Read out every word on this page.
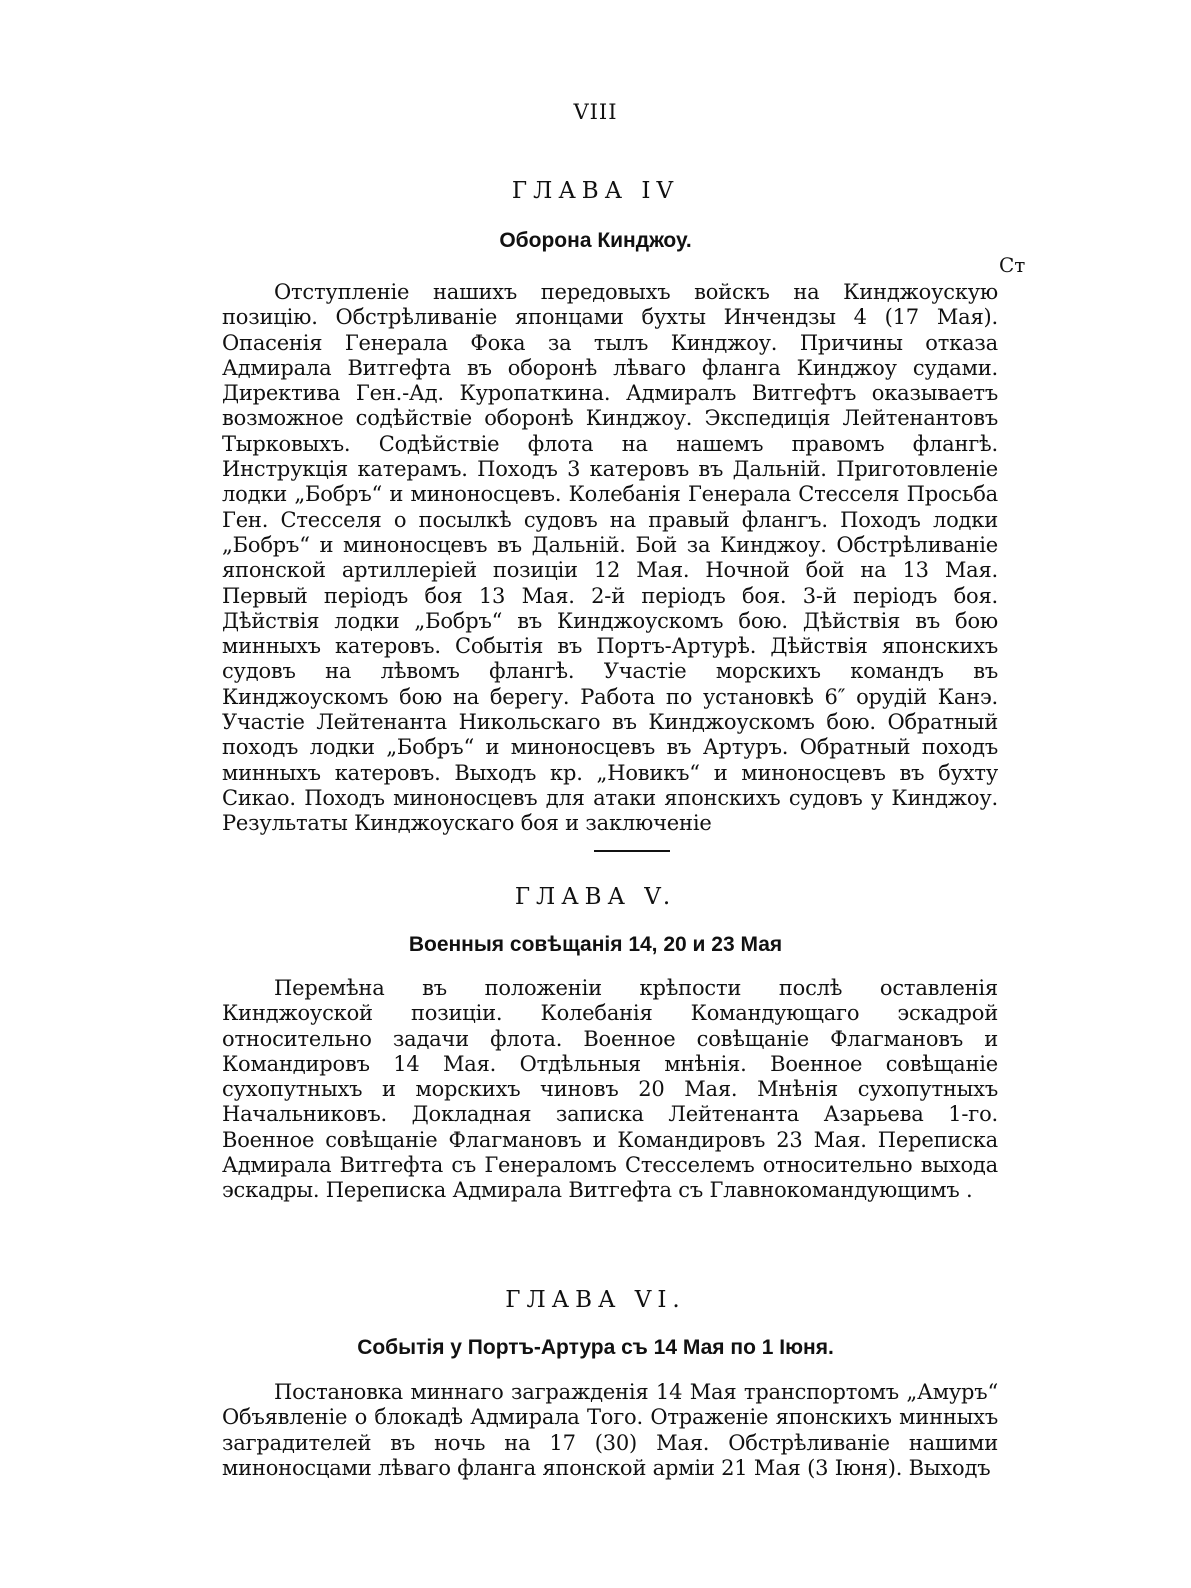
VIII
Ст
ГЛАВА IV
Оборона Кинджоу.
Отступленіе нашихъ передовыхъ войскъ на Кинджоускую позицію. Обстрѣливаніе японцами бухты Инчендзы 4 (17 Мая). Опасенія Генерала Фока за тылъ Кинджоу. Причины отказа Адмирала Витгефта въ оборонѣ лѣваго фланга Кинджоу судами. Директива Ген.-Ад. Куропаткина. Адмиралъ Витгефтъ оказываетъ возможное содѣйствіе оборонѣ Кинджоу. Экспедиція Лейтенантовъ Тырковыхъ. Содѣйствіе флота на нашемъ правомъ флангѣ. Инструкція катерамъ. Походъ 3 катеровъ въ Дальній. Приготовленіе лодки „Бобръ“ и миноносцевъ. Колебанія Генерала Стесселя Просьба Ген. Стесселя о посылкѣ судовъ на правый флангъ. Походъ лодки „Бобръ“ и миноносцевъ въ Дальній. Бой за Кинджоу. Обстрѣливаніе японской артиллеріей позиціи 12 Мая. Ночной бой на 13 Мая. Первый періодъ боя 13 Мая. 2-й періодъ боя. 3-й періодъ боя. Дѣйствія лодки „Бобръ“ въ Кинджоускомъ бою. Дѣйствія въ бою минныхъ катеровъ. Событія въ Портъ-Артурѣ. Дѣйствія японскихъ судовъ на лѣвомъ флангѣ. Участіе морскихъ командъ въ Кинджоускомъ бою на берегу. Работа по установкѣ 6″ орудій Канэ. Участіе Лейтенанта Никольскаго въ Кинджоускомъ бою. Обратный походъ лодки „Бобръ“ и миноносцевъ въ Артуръ. Обратный походъ минныхъ катеровъ. Выходъ кр. „Новикъ“ и миноносцевъ въ бухту Сикао. Походъ миноносцевъ для атаки японскихъ судовъ у Кинджоу. Результаты Кинджоускаго боя и заключеніе
ГЛАВА V.
Военныя совѣщанія 14, 20 и 23 Мая
Перемѣна въ положеніи крѣпости послѣ оставленія Кинджоуской позиціи. Колебанія Командующаго эскадрой относительно задачи флота. Военное совѣщаніе Флагмановъ и Командировъ 14 Мая. Отдѣльныя мнѣнія. Военное совѣщаніе сухопутныхъ и морскихъ чиновъ 20 Мая. Мнѣнія сухопутныхъ Начальниковъ. Докладная записка Лейтенанта Азарьева 1-го. Военное совѣщаніе Флагмановъ и Командировъ 23 Мая. Переписка Адмирала Витгефта съ Генераломъ Стесселемъ относительно выхода эскадры. Переписка Адмирала Витгефта съ Главнокомандующимъ .
ГЛАВА VI.
Событія у Портъ-Артура съ 14 Мая по 1 Іюня.
Постановка миннаго загражденія 14 Мая транспортомъ „Амуръ“ Объявленіе о блокадѣ Адмирала Того. Отраженіе японскихъ минныхъ заградителей въ ночь на 17 (30) Мая. Обстрѣливаніе нашими миноносцами лѣваго фланга японской арміи 21 Мая (3 Іюня). Выходъ
